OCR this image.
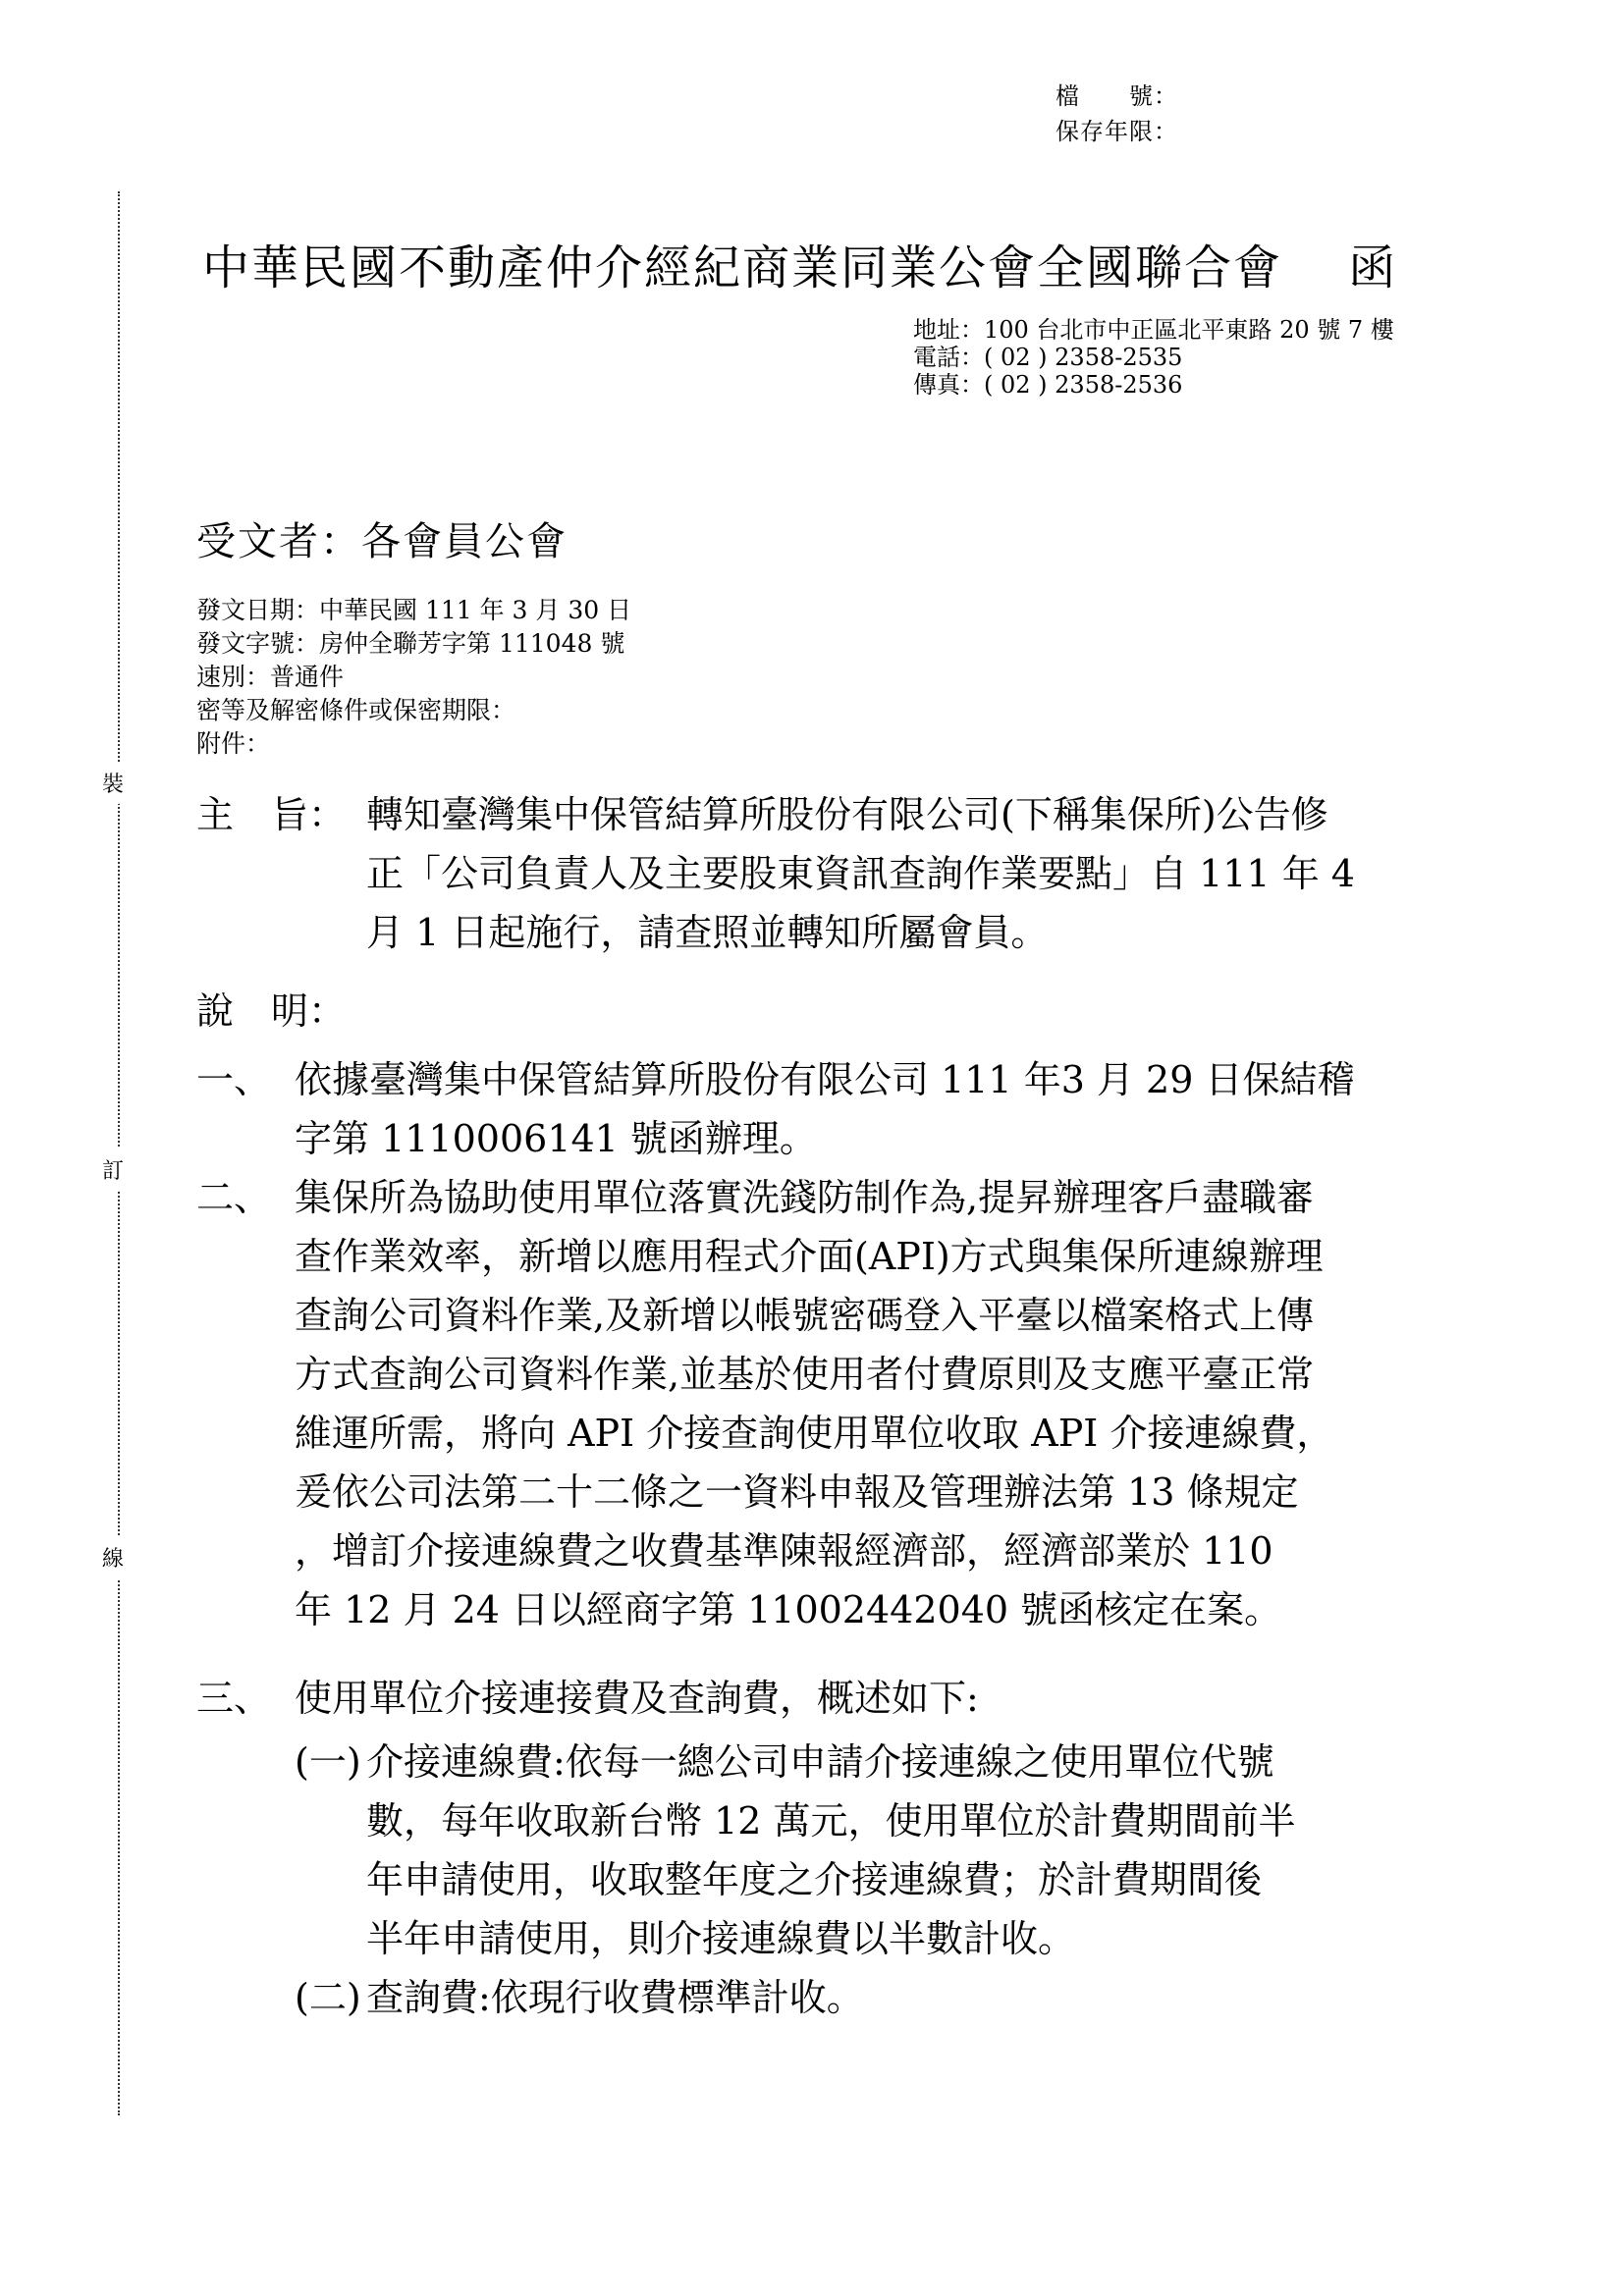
檔　　號：
保存年限：
裝
訂
線
中華民國不動產仲介經紀商業同業公會全國聯合會　 函
地址：100 台北市中正區北平東路 20 號 7 樓
電話：( 02 ) 2358-2535
傳真：( 02 ) 2358-2536
受文者：各會員公會
發文日期：中華民國 111 年 3 月 30 日
發文字號：房仲全聯芳字第 111048 號
速別：普通件
密等及解密條件或保密期限：
附件：
主　旨： 轉知臺灣集中保管結算所股份有限公司(下稱集保所)公告修
正「公司負責人及主要股東資訊查詢作業要點」自 111 年 4
月 1 日起施行，請查照並轉知所屬會員。
說　明：
一、 依據臺灣集中保管結算所股份有限公司 111 年3 月 29 日保結稽
字第 1110006141 號函辦理。
二、 集保所為協助使用單位落實洗錢防制作為,提昇辦理客戶盡職審
查作業效率，新增以應用程式介面(API)方式與集保所連線辦理
查詢公司資料作業,及新增以帳號密碼登入平臺以檔案格式上傳
方式查詢公司資料作業,並基於使用者付費原則及支應平臺正常
維運所需，將向 API 介接查詢使用單位收取 API 介接連線費，
爰依公司法第二十二條之一資料申報及管理辦法第 13 條規定
，增訂介接連線費之收費基準陳報經濟部，經濟部業於 110
年 12 月 24 日以經商字第 11002442040 號函核定在案。
三、 使用單位介接連接費及查詢費，概述如下:
(一) 介接連線費:依每一總公司申請介接連線之使用單位代號
數，每年收取新台幣 12 萬元，使用單位於計費期間前半
年申請使用，收取整年度之介接連線費；於計費期間後
半年申請使用，則介接連線費以半數計收。
(二) 查詢費:依現行收費標準計收。
